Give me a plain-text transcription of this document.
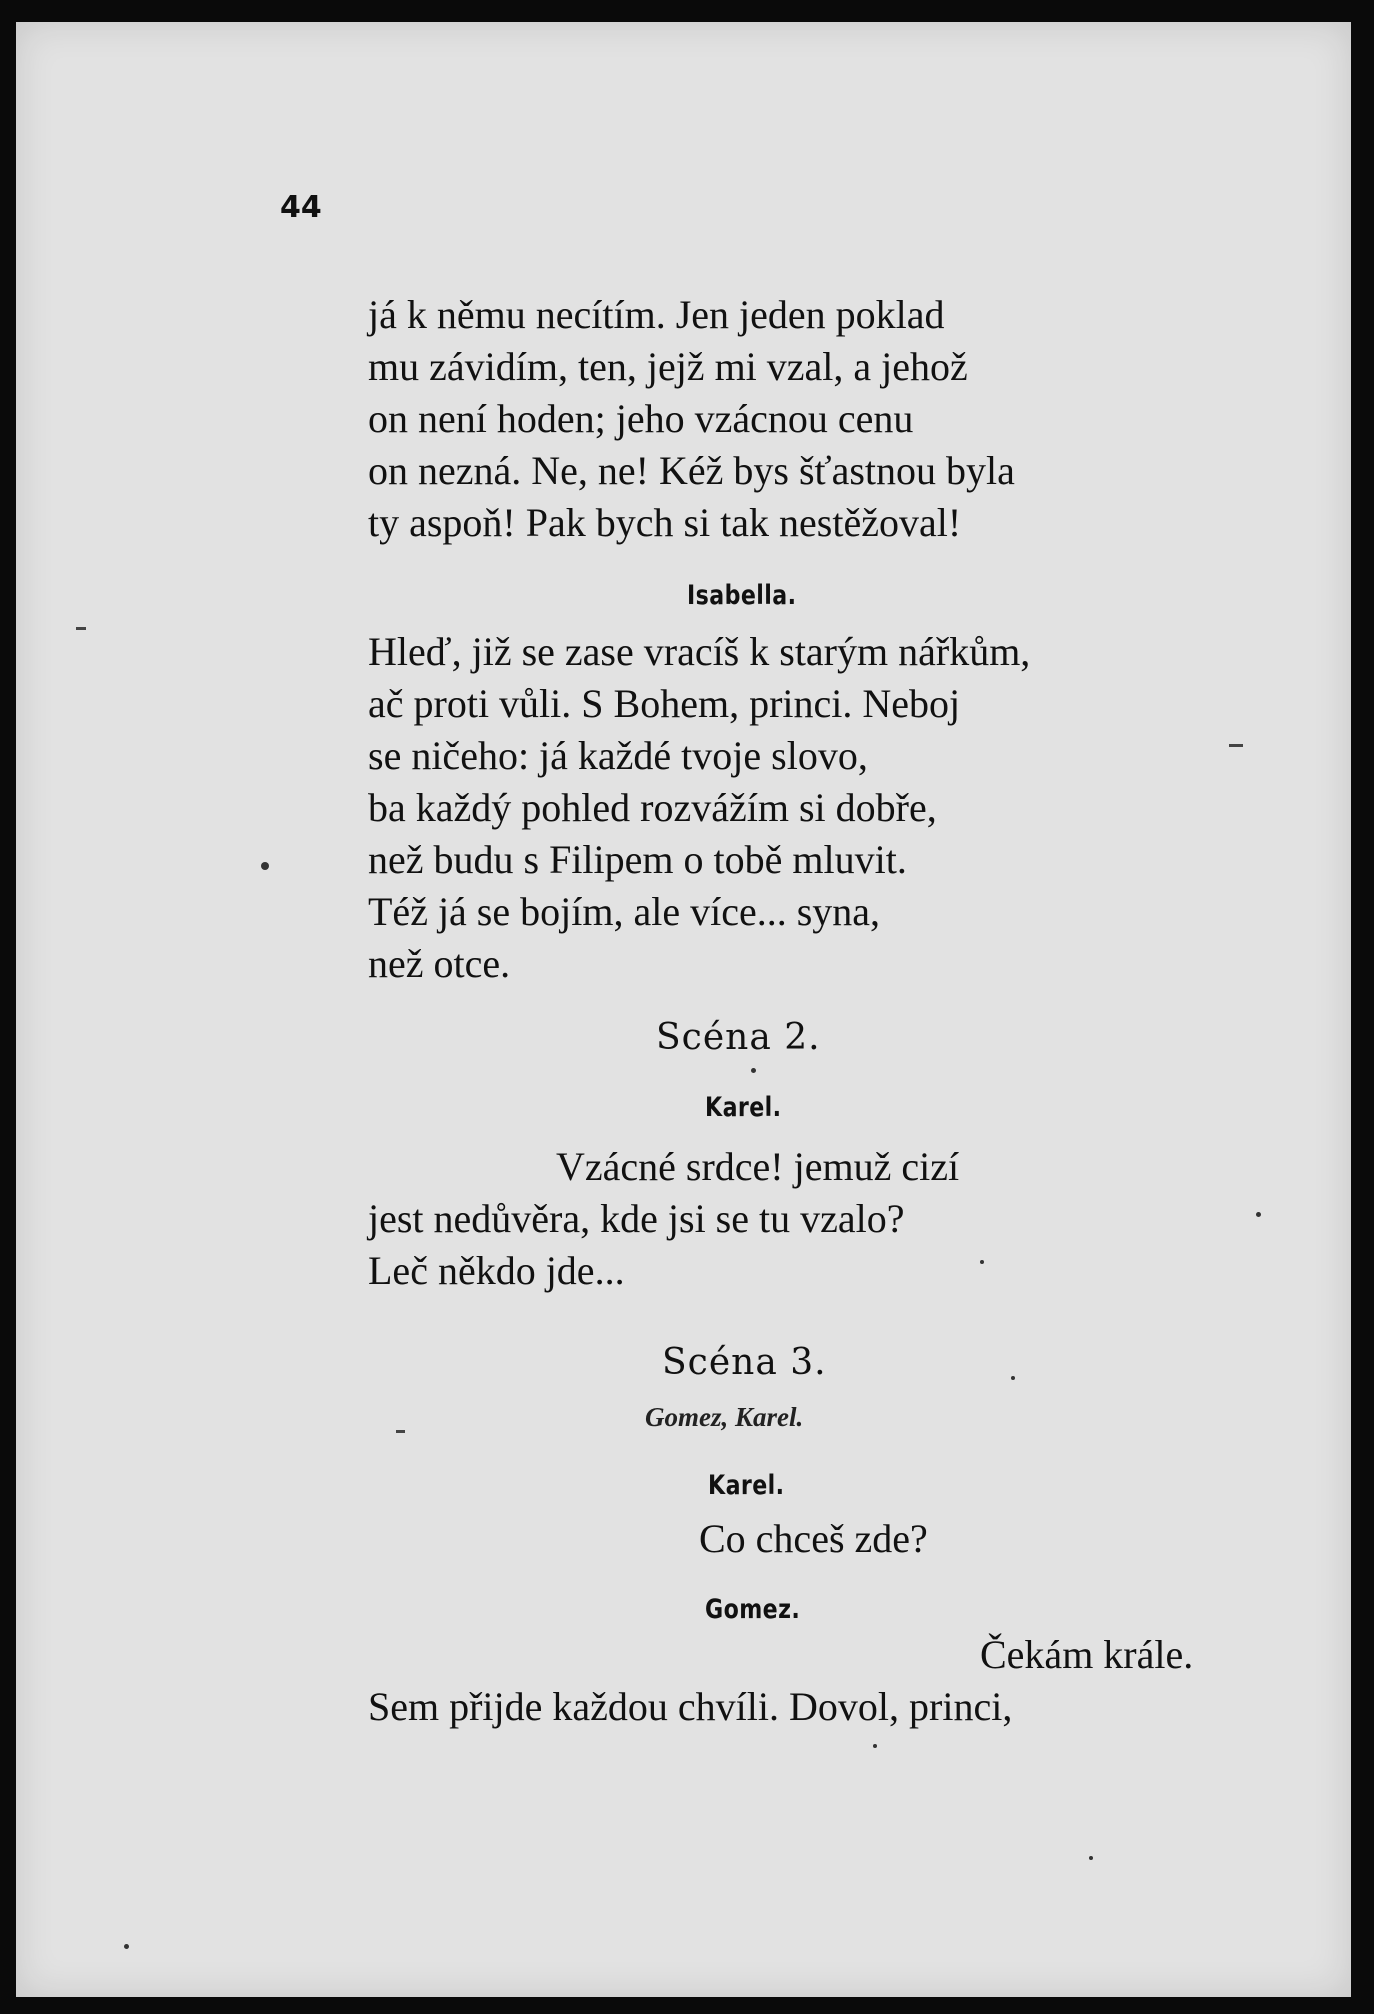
44
já k němu necítím. Jen jeden poklad
mu závidím, ten, jejž mi vzal, a jehož
on není hoden; jeho vzácnou cenu
on nezná. Ne, ne! Kéž bys šťastnou byla
ty aspoň! Pak bych si tak nestěžoval!
Isabella.
Hleď, již se zase vracíš k starým nářkům,
ač proti vůli. S Bohem, princi. Neboj
se ničeho: já každé tvoje slovo,
ba každý pohled rozvážím si dobře,
než budu s Filipem o tobě mluvit.
Též já se bojím, ale více... syna,
než otce.
Scéna 2.
Karel.
Vzácné srdce! jemuž cizí
jest nedůvěra, kde jsi se tu vzalo?
Leč někdo jde...
Scéna 3.
Gomez, Karel.
Karel.
Co chceš zde?
Gomez.
Čekám krále.
Sem přijde každou chvíli. Dovol, princi,
